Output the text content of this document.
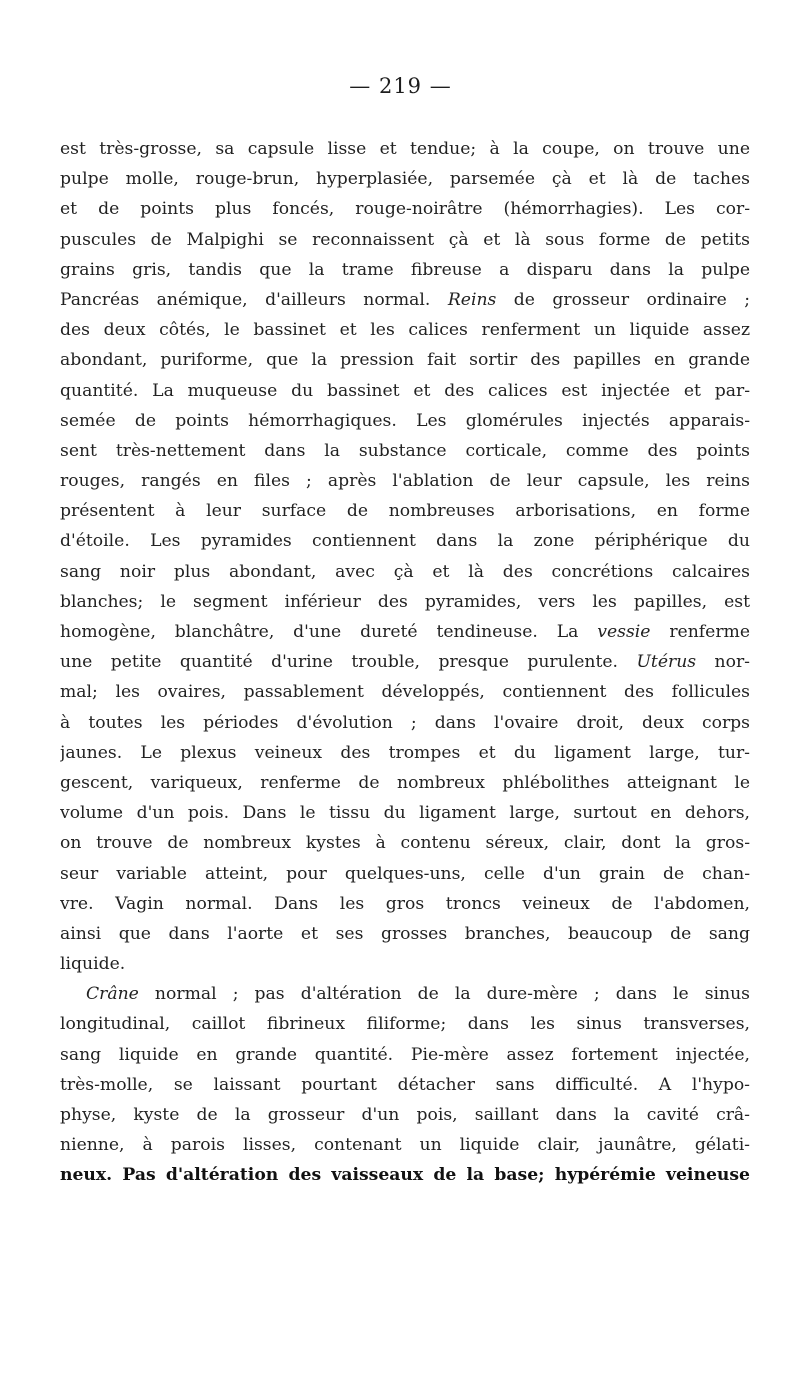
— 219 —
est très-grosse, sa capsule lisse et tendue; à la coupe, on trouve une
pulpe molle, rouge-brun, hyperplasiée, parsemée çà et là de taches
et de points plus foncés, rouge-noirâtre (hémorrhagies). Les cor-
puscules de Malpighi se reconnaissent çà et là sous forme de petits
grains gris, tandis que la trame fibreuse a disparu dans la pulpe
Pancréas anémique, d'ailleurs normal. Reins de grosseur ordinaire ;
des deux côtés, le bassinet et les calices renferment un liquide assez
abondant, puriforme, que la pression fait sortir des papilles en grande
quantité. La muqueuse du bassinet et des calices est injectée et par-
semée de points hémorrhagiques. Les glomérules injectés apparais-
sent très-nettement dans la substance corticale, comme des points
rouges, rangés en files ; après l'ablation de leur capsule, les reins
présentent à leur surface de nombreuses arborisations, en forme
d'étoile. Les pyramides contiennent dans la zone périphérique du
sang noir plus abondant, avec çà et là des concrétions calcaires
blanches; le segment inférieur des pyramides, vers les papilles, est
homogène, blanchâtre, d'une dureté tendineuse. La vessie renferme
une petite quantité d'urine trouble, presque purulente. Utérus nor-
mal; les ovaires, passablement développés, contiennent des follicules
à toutes les périodes d'évolution ; dans l'ovaire droit, deux corps
jaunes. Le plexus veineux des trompes et du ligament large, tur-
gescent, variqueux, renferme de nombreux phlébolithes atteignant le
volume d'un pois. Dans le tissu du ligament large, surtout en dehors,
on trouve de nombreux kystes à contenu séreux, clair, dont la gros-
seur variable atteint, pour quelques-uns, celle d'un grain de chan-
vre. Vagin normal. Dans les gros troncs veineux de l'abdomen,
ainsi que dans l'aorte et ses grosses branches, beaucoup de sang
liquide.
Crâne normal ; pas d'altération de la dure-mère ; dans le sinus
longitudinal, caillot fibrineux filiforme; dans les sinus transverses,
sang liquide en grande quantité. Pie-mère assez fortement injectée,
très-molle, se laissant pourtant détacher sans difficulté. A l'hypo-
physe, kyste de la grosseur d'un pois, saillant dans la cavité crâ-
nienne, à parois lisses, contenant un liquide clair, jaunâtre, gélati-
neux. Pas d'altération des vaisseaux de la base; hypérémie veineuse
